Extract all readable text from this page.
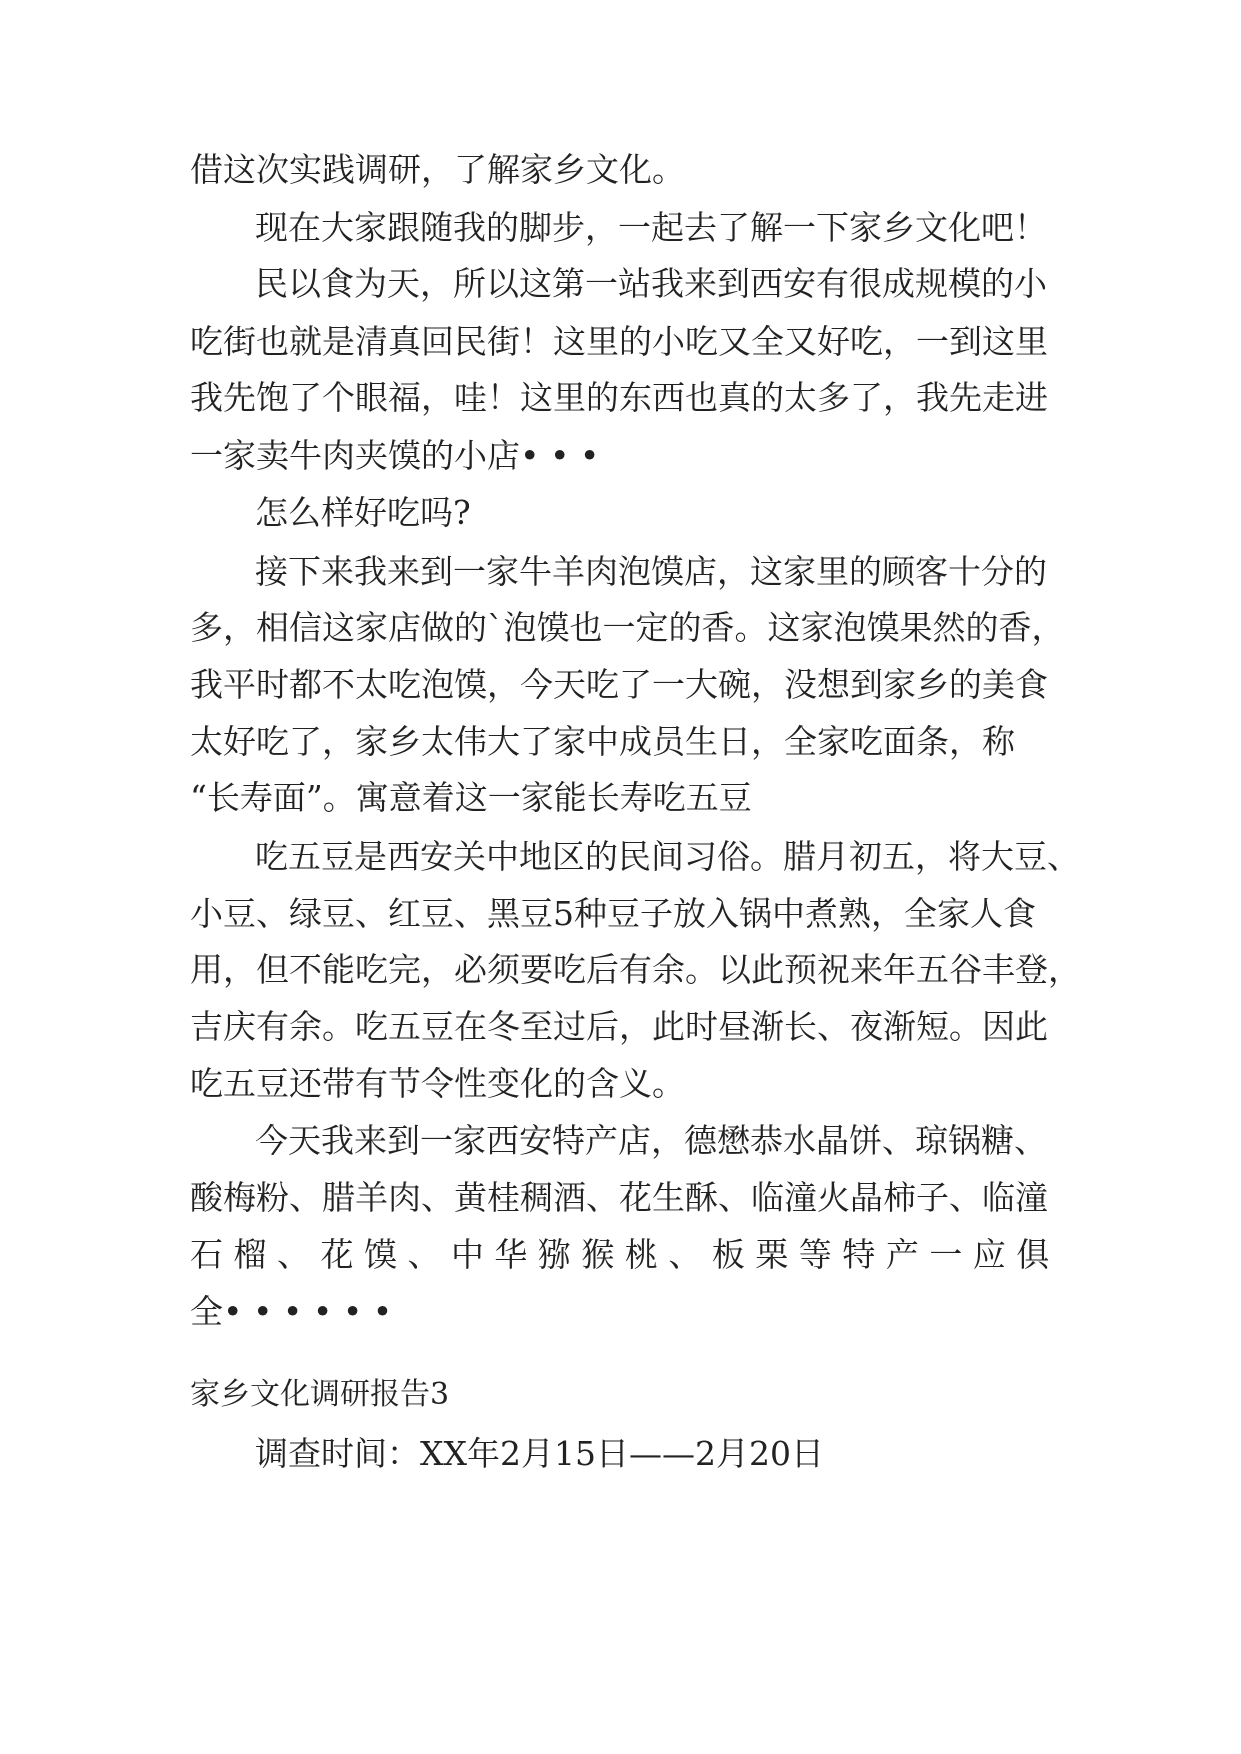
借这次实践调研，了解家乡文化。
现在大家跟随我的脚步，一起去了解一下家乡文化吧！
民以食为天，所以这第一站我来到西安有很成规模的小
吃街也就是清真回民街！这里的小吃又全又好吃，一到这里
我先饱了个眼福，哇！这里的东西也真的太多了，我先走进
一家卖牛肉夹馍的小店• • •
怎么样好吃吗?
接下来我来到一家牛羊肉泡馍店，这家里的顾客十分的
多，相信这家店做的`泡馍也一定的香。这家泡馍果然的香，
我平时都不太吃泡馍，今天吃了一大碗，没想到家乡的美食
太好吃了，家乡太伟大了家中成员生日，全家吃面条，称
“长寿面”。寓意着这一家能长寿吃五豆
吃五豆是西安关中地区的民间习俗。腊月初五，将大豆、
小豆、绿豆、红豆、黑豆5种豆子放入锅中煮熟，全家人食
用，但不能吃完，必须要吃后有余。以此预祝来年五谷丰登，
吉庆有余。吃五豆在冬至过后，此时昼渐长、夜渐短。因此
吃五豆还带有节令性变化的含义。
今天我来到一家西安特产店，德懋恭水晶饼、琼锅糖、
酸梅粉、腊羊肉、黄桂稠酒、花生酥、临潼火晶柿子、临潼
石 榴 、 花 馍 、 中 华 猕 猴 桃 、 板 栗 等 特 产 一 应 俱
全• • • • • •
家乡文化调研报告3
调查时间：XX年2月15日——2月20日
